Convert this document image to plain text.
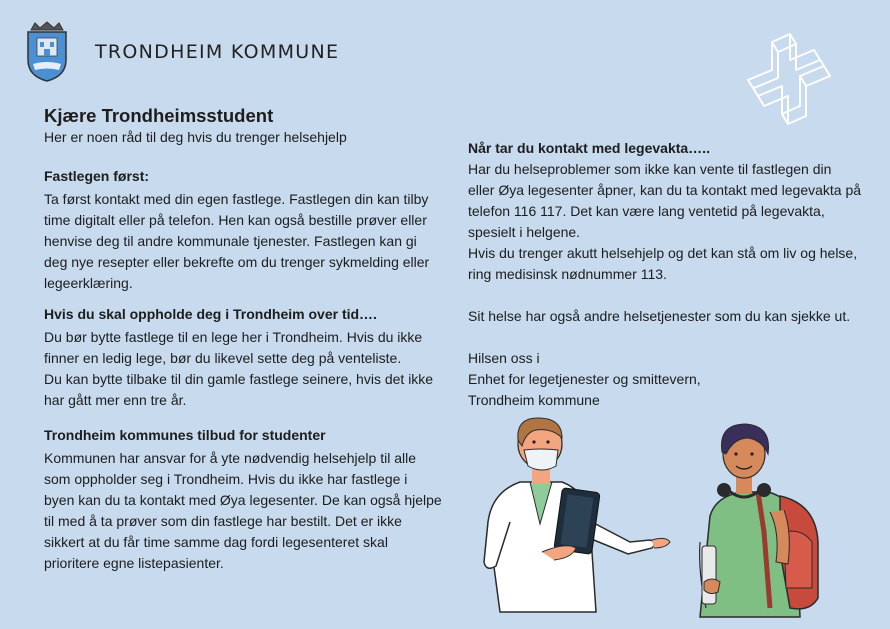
TRONDHEIM KOMMUNE
Kjære Trondheimsstudent

Her er noen råd til deg hvis du trenger helsehjelp

Fastlegen først:

Ta først kontakt med din egen fastlege. Fastlegen din kan tilby

time digitalt eller på telefon. Hen kan også bestille prøver eller

henvise deg til andre kommunale tjenester. Fastlegen kan gi

deg nye resepter eller bekrefte om du trenger sykmelding eller

legeerklæring.

Hvis du skal oppholde deg i Trondheim over tid….

Du bør bytte fastlege til en lege her i Trondheim. Hvis du ikke

finner en ledig lege, bør du likevel sette deg på venteliste.

Du kan bytte tilbake til din gamle fastlege seinere, hvis det ikke

har gått mer enn tre år.

Trondheim kommunes tilbud for studenter

Kommunen har ansvar for å yte nødvendig helsehjelp til alle

som oppholder seg i Trondheim. Hvis du ikke har fastlege i

byen kan du ta kontakt med Øya legesenter. De kan også hjelpe

til med å ta prøver som din fastlege har bestilt. Det er ikke

sikkert at du får time samme dag fordi legesenteret skal

prioritere egne listepasienter.

Når tar du kontakt med legevakta…..

Har du helseproblemer som ikke kan vente til fastlegen din

eller Øya legesenter åpner, kan du ta kontakt med legevakta på

telefon 116 117. Det kan være lang ventetid på legevakta,

spesielt i helgene.

Hvis du trenger akutt helsehjelp og det kan stå om liv og helse,

ring medisinsk nødnummer 113.

Sit helse har også andre helsetjenester som du kan sjekke ut.

Hilsen oss i

Enhet for legetjenester og smittevern,

Trondheim kommune
